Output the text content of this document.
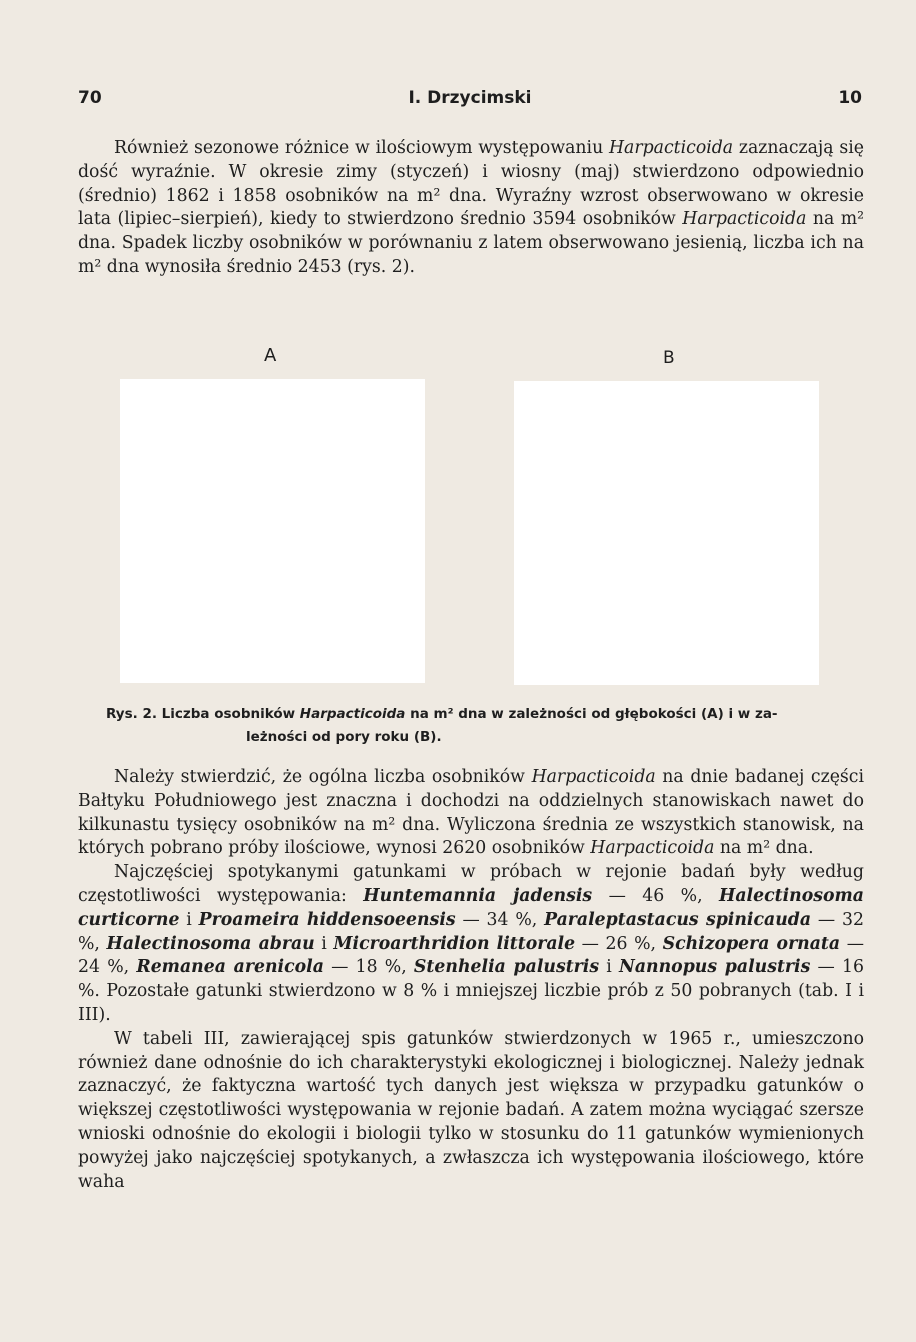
70	I. Drzycimski	10

Również sezonowe różnice w ilościowym występowaniu Harpacticoida zaznaczają się dość wyraźnie. W okresie zimy (styczeń) i wiosny (maj) stwierdzono odpowiednio (średnio) 1862 i 1858 osobników na m² dna. Wyraźny wzrost obserwowano w okresie lata (lipiec–sierpień), kiedy to stwierdzono średnio 3594 osobników Harpacticoida na m² dna. Spadek liczby osobników w porównaniu z latem obserwowano jesienią, liczba ich na m² dna wynosiła średnio 2453 (rys. 2).

A	B
Rys. 2. Liczba osobników Harpacticoida na m² dna w zależności od głębokości (A) i w za-
leżności od pory roku (B).

Należy stwierdzić, że ogólna liczba osobników Harpacticoida na dnie badanej części Bałtyku Południowego jest znaczna i dochodzi na oddzielnych stanowiskach nawet do kilkunastu tysięcy osobników na m² dna. Wyliczona średnia ze wszystkich stanowisk, na których pobrano próby ilościowe, wynosi 2620 osobników Harpacticoida na m² dna.

Najczęściej spotykanymi gatunkami w próbach w rejonie badań były według częstotliwości występowania: Huntemannia jadensis — 46 %, Halectinosoma curticorne i Proameira hiddensoeensis — 34 %, Paraleptastacus spinicauda — 32 %, Halectinosoma abrau i Microarthridion littorale — 26 %, Schizopera ornata — 24 %, Remanea arenicola — 18 %, Stenhelia palustris i Nannopus palustris — 16 %. Pozostałe gatunki stwierdzono w 8 % i mniejszej liczbie prób z 50 pobranych (tab. I i III).

W tabeli III, zawierającej spis gatunków stwierdzonych w 1965 r., umieszczono również dane odnośnie do ich charakterystyki ekologicznej i biologicznej. Należy jednak zaznaczyć, że faktyczna wartość tych danych jest większa w przypadku gatunków o większej częstotliwości występowania w rejonie badań. A zatem można wyciągać szersze wnioski odnośnie do ekologii i biologii tylko w stosunku do 11 gatunków wymienionych powyżej jako najczęściej spotykanych, a zwłaszcza ich występowania ilościowego, które waha
